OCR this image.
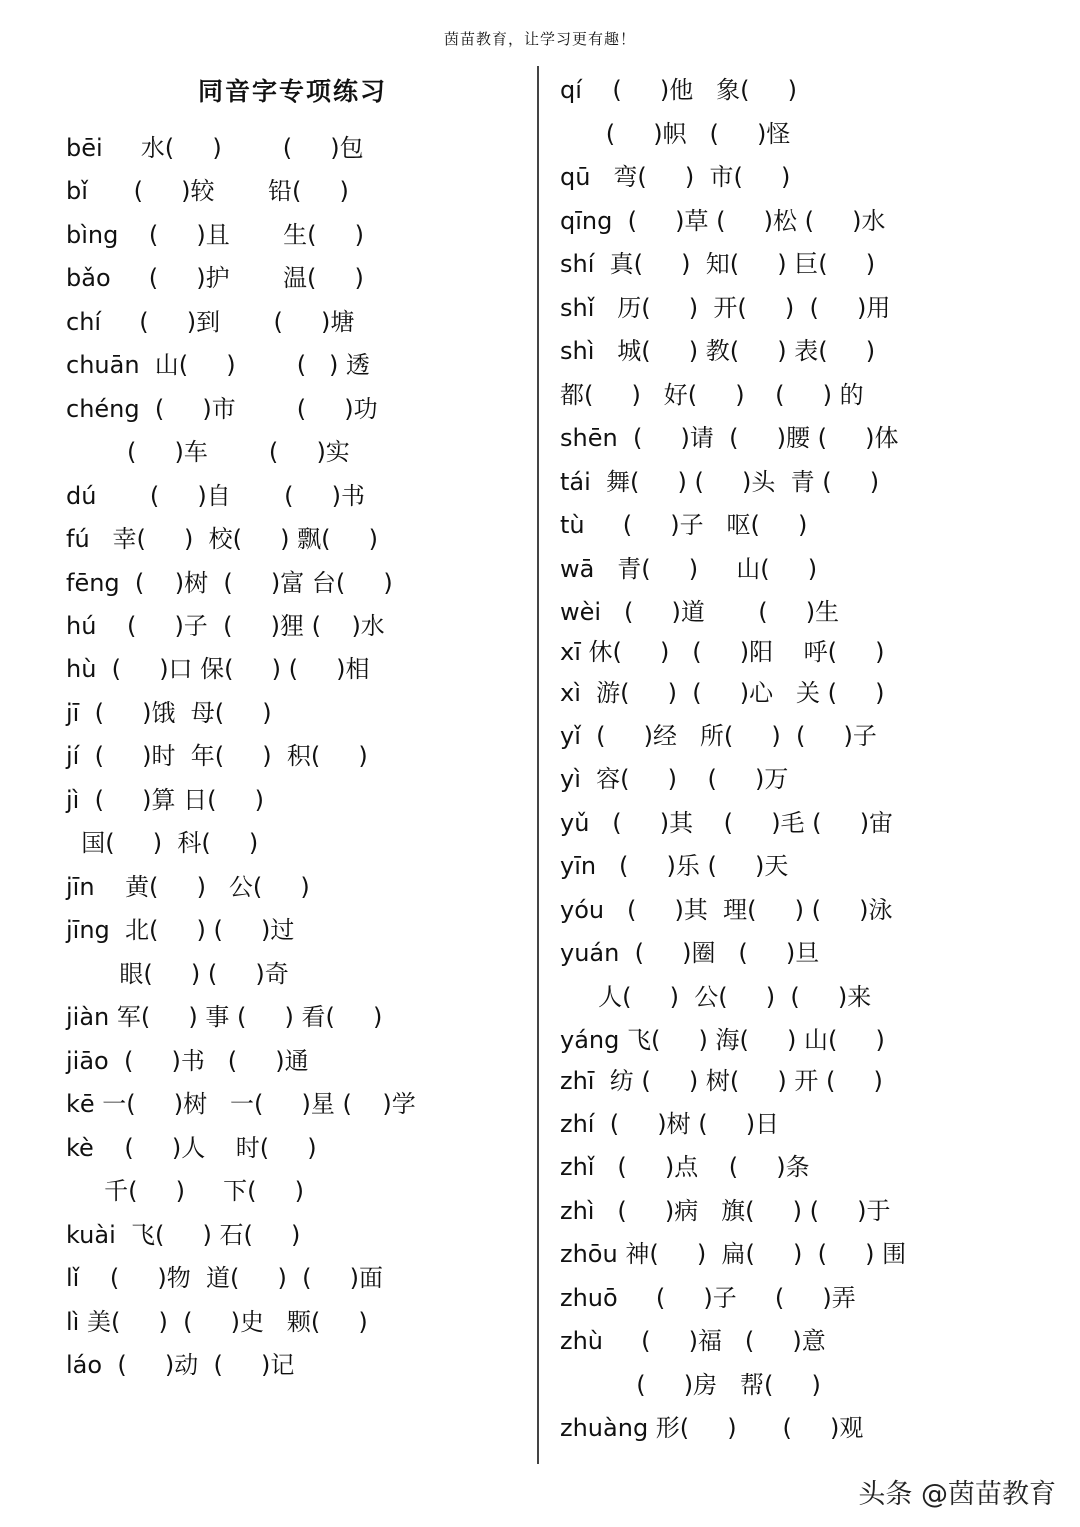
茵苗教育，让学习更有趣！
同音字专项练习
bēi     水(     )        (     )包
bǐ      (     )较       铅(     )
bìng    (     )且       生(     )
bǎo     (     )护       温(     )
chí     (     )到       (     )塘
chuān  山(     )        (   ) 透
chéng  (     )市        (     )功
(     )车        (     )实
dú       (     )自       (     )书
fú   幸(     )  校(     ) 飘(     )
fēng  (    )树  (     )富 台(     )
hú    (     )子  (     )狸 (    )水
hù  (     )口 保(     ) (     )相
jī  (     )饿  母(     )
jí  (     )时  年(     )  积(     )
jì  (     )算 日(     )
国(     )  科(     )
jīn    黄(     )   公(     )
jīng  北(     ) (     )过
眼(     ) (     )奇
jiàn 军(     ) 事 (     ) 看(     )
jiāo  (     )书   (     )通
kē 一(     )树   一(     )星 (    )学
kè    (     )人    时(     )
千(     )     下(     )
kuài  飞(     ) 石(     )
lǐ    (     )物  道(     )  (     )面
lì 美(     )  (     )史   颗(     )
láo  (     )动  (     )记
qí    (     )他   象(     )
(     )帜   (     )怪
qū   弯(     )  市(     )
qīng  (     )草 (     )松 (     )水
shí  真(     )  知(     ) 巨(     )
shǐ   历(     )  开(     )  (     )用
shì   城(     ) 教(     ) 表(     )
都(     )   好(     )    (     ) 的
shēn  (     )请  (     )腰 (     )体
tái  舞(     ) (     )头  青 (     )
tù     (     )子   呕(     )
wā   青(     )     山(     )
wèi   (     )道       (     )生
xī 休(     )   (     )阳    呼(     )
xì  游(     )  (     )心   关 (     )
yǐ  (     )经   所(     )  (     )子
yì  容(     )    (     )万
yǔ   (     )其    (     )毛 (     )宙
yīn   (     )乐 (     )天
yóu   (     )其  理(     ) (     )泳
yuán  (     )圈   (     )旦
人(     )  公(     )  (     )来
yáng 飞(     ) 海(     ) 山(     )
zhī  纺 (     ) 树(     ) 开 (     )
zhí  (     )树 (     )日
zhǐ   (     )点    (     )条
zhì   (     )病   旗(     ) (     )于
zhōu 神(     )  扁(     )  (     ) 围
zhuō     (     )子     (     )弄
zhù     (     )福   (     )意
(     )房   帮(     )
zhuàng 形(     )      (     )观
头条 @茵苗教育
